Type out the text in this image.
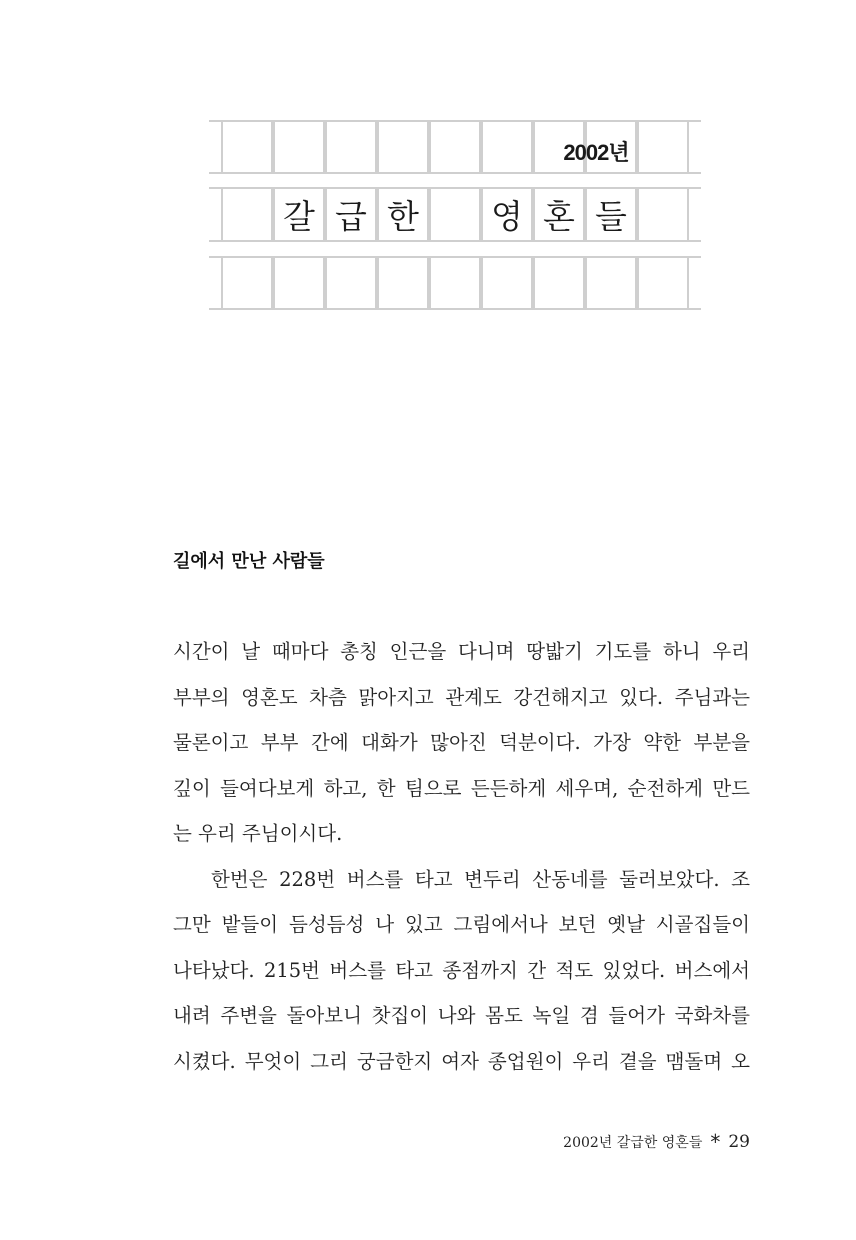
2002년
갈 급 한 영 혼 들
길에서 만난 사람들
시간이 날 때마다 총칭 인근을 다니며 땅밟기 기도를 하니 우리
부부의 영혼도 차츰 맑아지고 관계도 강건해지고 있다. 주님과는
물론이고 부부 간에 대화가 많아진 덕분이다. 가장 약한 부분을
깊이 들여다보게 하고, 한 팀으로 든든하게 세우며, 순전하게 만드
는 우리 주님이시다.
한번은 228번 버스를 타고 변두리 산동네를 둘러보았다. 조
그만 밭들이 듬성듬성 나 있고 그림에서나 보던 옛날 시골집들이
나타났다. 215번 버스를 타고 종점까지 간 적도 있었다. 버스에서
내려 주변을 돌아보니 찻집이 나와 몸도 녹일 겸 들어가 국화차를
시켰다. 무엇이 그리 궁금한지 여자 종업원이 우리 곁을 맴돌며 오
2002년 갈급한 영혼들 * 29
